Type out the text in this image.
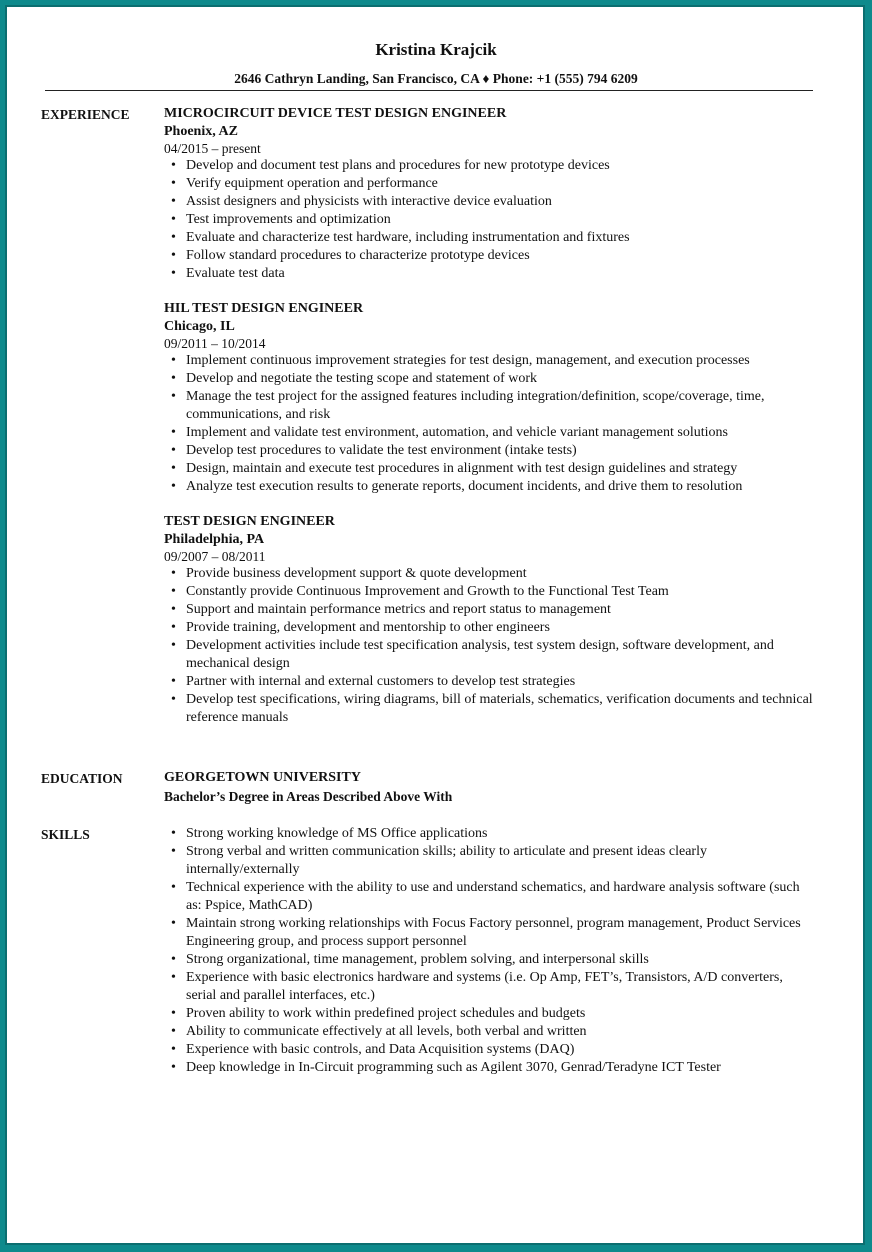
Kristina Krajcik
2646 Cathryn Landing, San Francisco, CA ♦ Phone: +1 (555) 794 6209
EXPERIENCE MICROCIRCUIT DEVICE TEST DESIGN ENGINEER
Phoenix, AZ
04/2015 – present
• Develop and document test plans and procedures for new prototype devices
• Verify equipment operation and performance
• Assist designers and physicists with interactive device evaluation
• Test improvements and optimization
• Evaluate and characterize test hardware, including instrumentation and fixtures
• Follow standard procedures to characterize prototype devices
• Evaluate test data
HIL TEST DESIGN ENGINEER
Chicago, IL
09/2011 – 10/2014
• Implement continuous improvement strategies for test design, management, and execution processes
• Develop and negotiate the testing scope and statement of work
• Manage the test project for the assigned features including integration/definition, scope/coverage, time, communications, and risk
• Implement and validate test environment, automation, and vehicle variant management solutions
• Develop test procedures to validate the test environment (intake tests)
• Design, maintain and execute test procedures in alignment with test design guidelines and strategy
• Analyze test execution results to generate reports, document incidents, and drive them to resolution
TEST DESIGN ENGINEER
Philadelphia, PA
09/2007 – 08/2011
• Provide business development support & quote development
• Constantly provide Continuous Improvement and Growth to the Functional Test Team
• Support and maintain performance metrics and report status to management
• Provide training, development and mentorship to other engineers
• Development activities include test specification analysis, test system design, software development, and mechanical design
• Partner with internal and external customers to develop test strategies
• Develop test specifications, wiring diagrams, bill of materials, schematics, verification documents and technical reference manuals
EDUCATION	GEORGETOWN UNIVERSITY
Bachelor’s Degree in Areas Described Above With
SKILLS
•	Strong working knowledge of MS Office applications
• Strong verbal and written communication skills; ability to articulate and present ideas clearly internally/externally
• Technical experience with the ability to use and understand schematics, and hardware analysis software (such as: Pspice, MathCAD)
• Maintain strong working relationships with Focus Factory personnel, program management, Product Services Engineering group, and process support personnel
• Strong organizational, time management, problem solving, and interpersonal skills
• Experience with basic electronics hardware and systems (i.e. Op Amp, FET’s, Transistors, A/D converters, serial and parallel interfaces, etc.)
• Proven ability to work within predefined project schedules and budgets
• Ability to communicate effectively at all levels, both verbal and written
• Experience with basic controls, and Data Acquisition systems (DAQ)
• Deep knowledge in In-Circuit programming such as Agilent 3070, Genrad/Teradyne ICT Tester
